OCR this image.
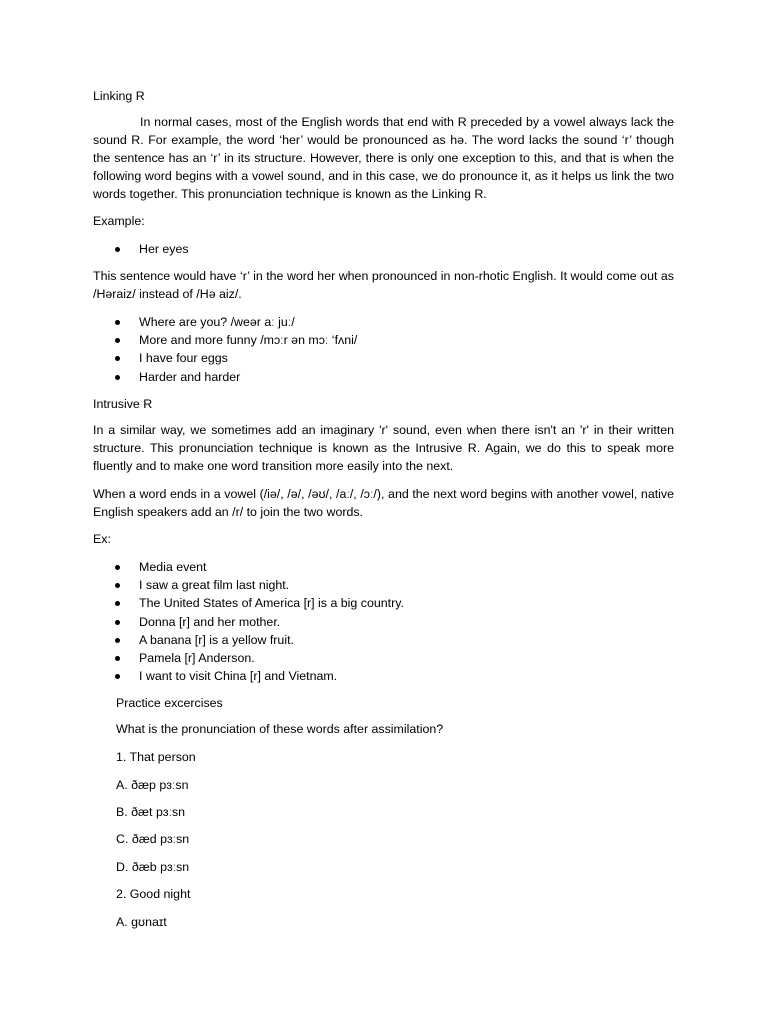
Linking R

In normal cases, most of the English words that end with R preceded by a vowel always lack the sound R. For example, the word ‘her’ would be pronounced as hə. The word lacks the sound ‘r’ though the sentence has an ‘r’ in its structure. However, there is only one exception to this, and that is when the following word begins with a vowel sound, and in this case, we do pronounce it, as it helps us link the two words together. This pronunciation technique is known as the Linking R.

Example:

Her eyes

This sentence would have ‘r’ in the word her when pronounced in non-rhotic English. It would come out as /Həraiz/ instead of /Hə aiz/.

Where are you? /weər aː juː/
More and more funny /mɔːr ən mɔː ‘fʌni/
I have four eggs
Harder and harder

Intrusive R

In a similar way, we sometimes add an imaginary 'r' sound, even when there isn't an 'r' in their written structure. This pronunciation technique is known as the Intrusive R. Again, we do this to speak more fluently and to make one word transition more easily into the next.

When a word ends in a vowel (/iə/, /ə/, /əʊ/, /aː/, /ɔː/), and the next word begins with another vowel, native English speakers add an /r/ to join the two words.

Ex:

Media event
I saw a great film last night.
The United States of America [r] is a big country.
Donna [r] and her mother.
A banana [r] is a yellow fruit.
Pamela [r] Anderson.
I want to visit China [r] and Vietnam.

Practice excercises

What is the pronunciation of these words after assimilation?

1. That person

A. ðæp pɜːsn

B. ðæt pɜːsn

C. ðæd pɜːsn

D. ðæb pɜːsn

2. Good night

A. gʊnaɪt
